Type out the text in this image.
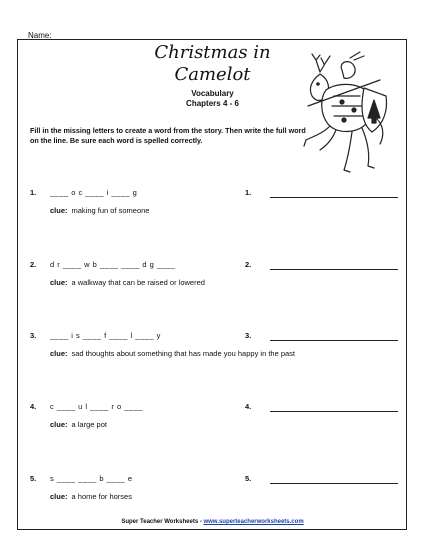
Name:
Christmas in
Camelot
Vocabulary
Chapters 4 - 6
Fill in the missing letters to create a word from the story. Then write the full word on the line. Be sure each word is spelled correctly.
1. ____ o c ____ i ____ g
clue: making fun of someone
1.
2. d r ____ w b ____ ____ d g ____
clue: a walkway that can be raised or lowered
2.
3. ____ i s ____ f ____ l ____ y
clue: sad thoughts about something that has made you happy in the past
3.
4. c ____ u l ____ r o ____
clue: a large pot
4.
5. s ____ ____ b ____ e
clue: a home for horses
5.
Super Teacher Worksheets - www.superteacherworksheets.com
